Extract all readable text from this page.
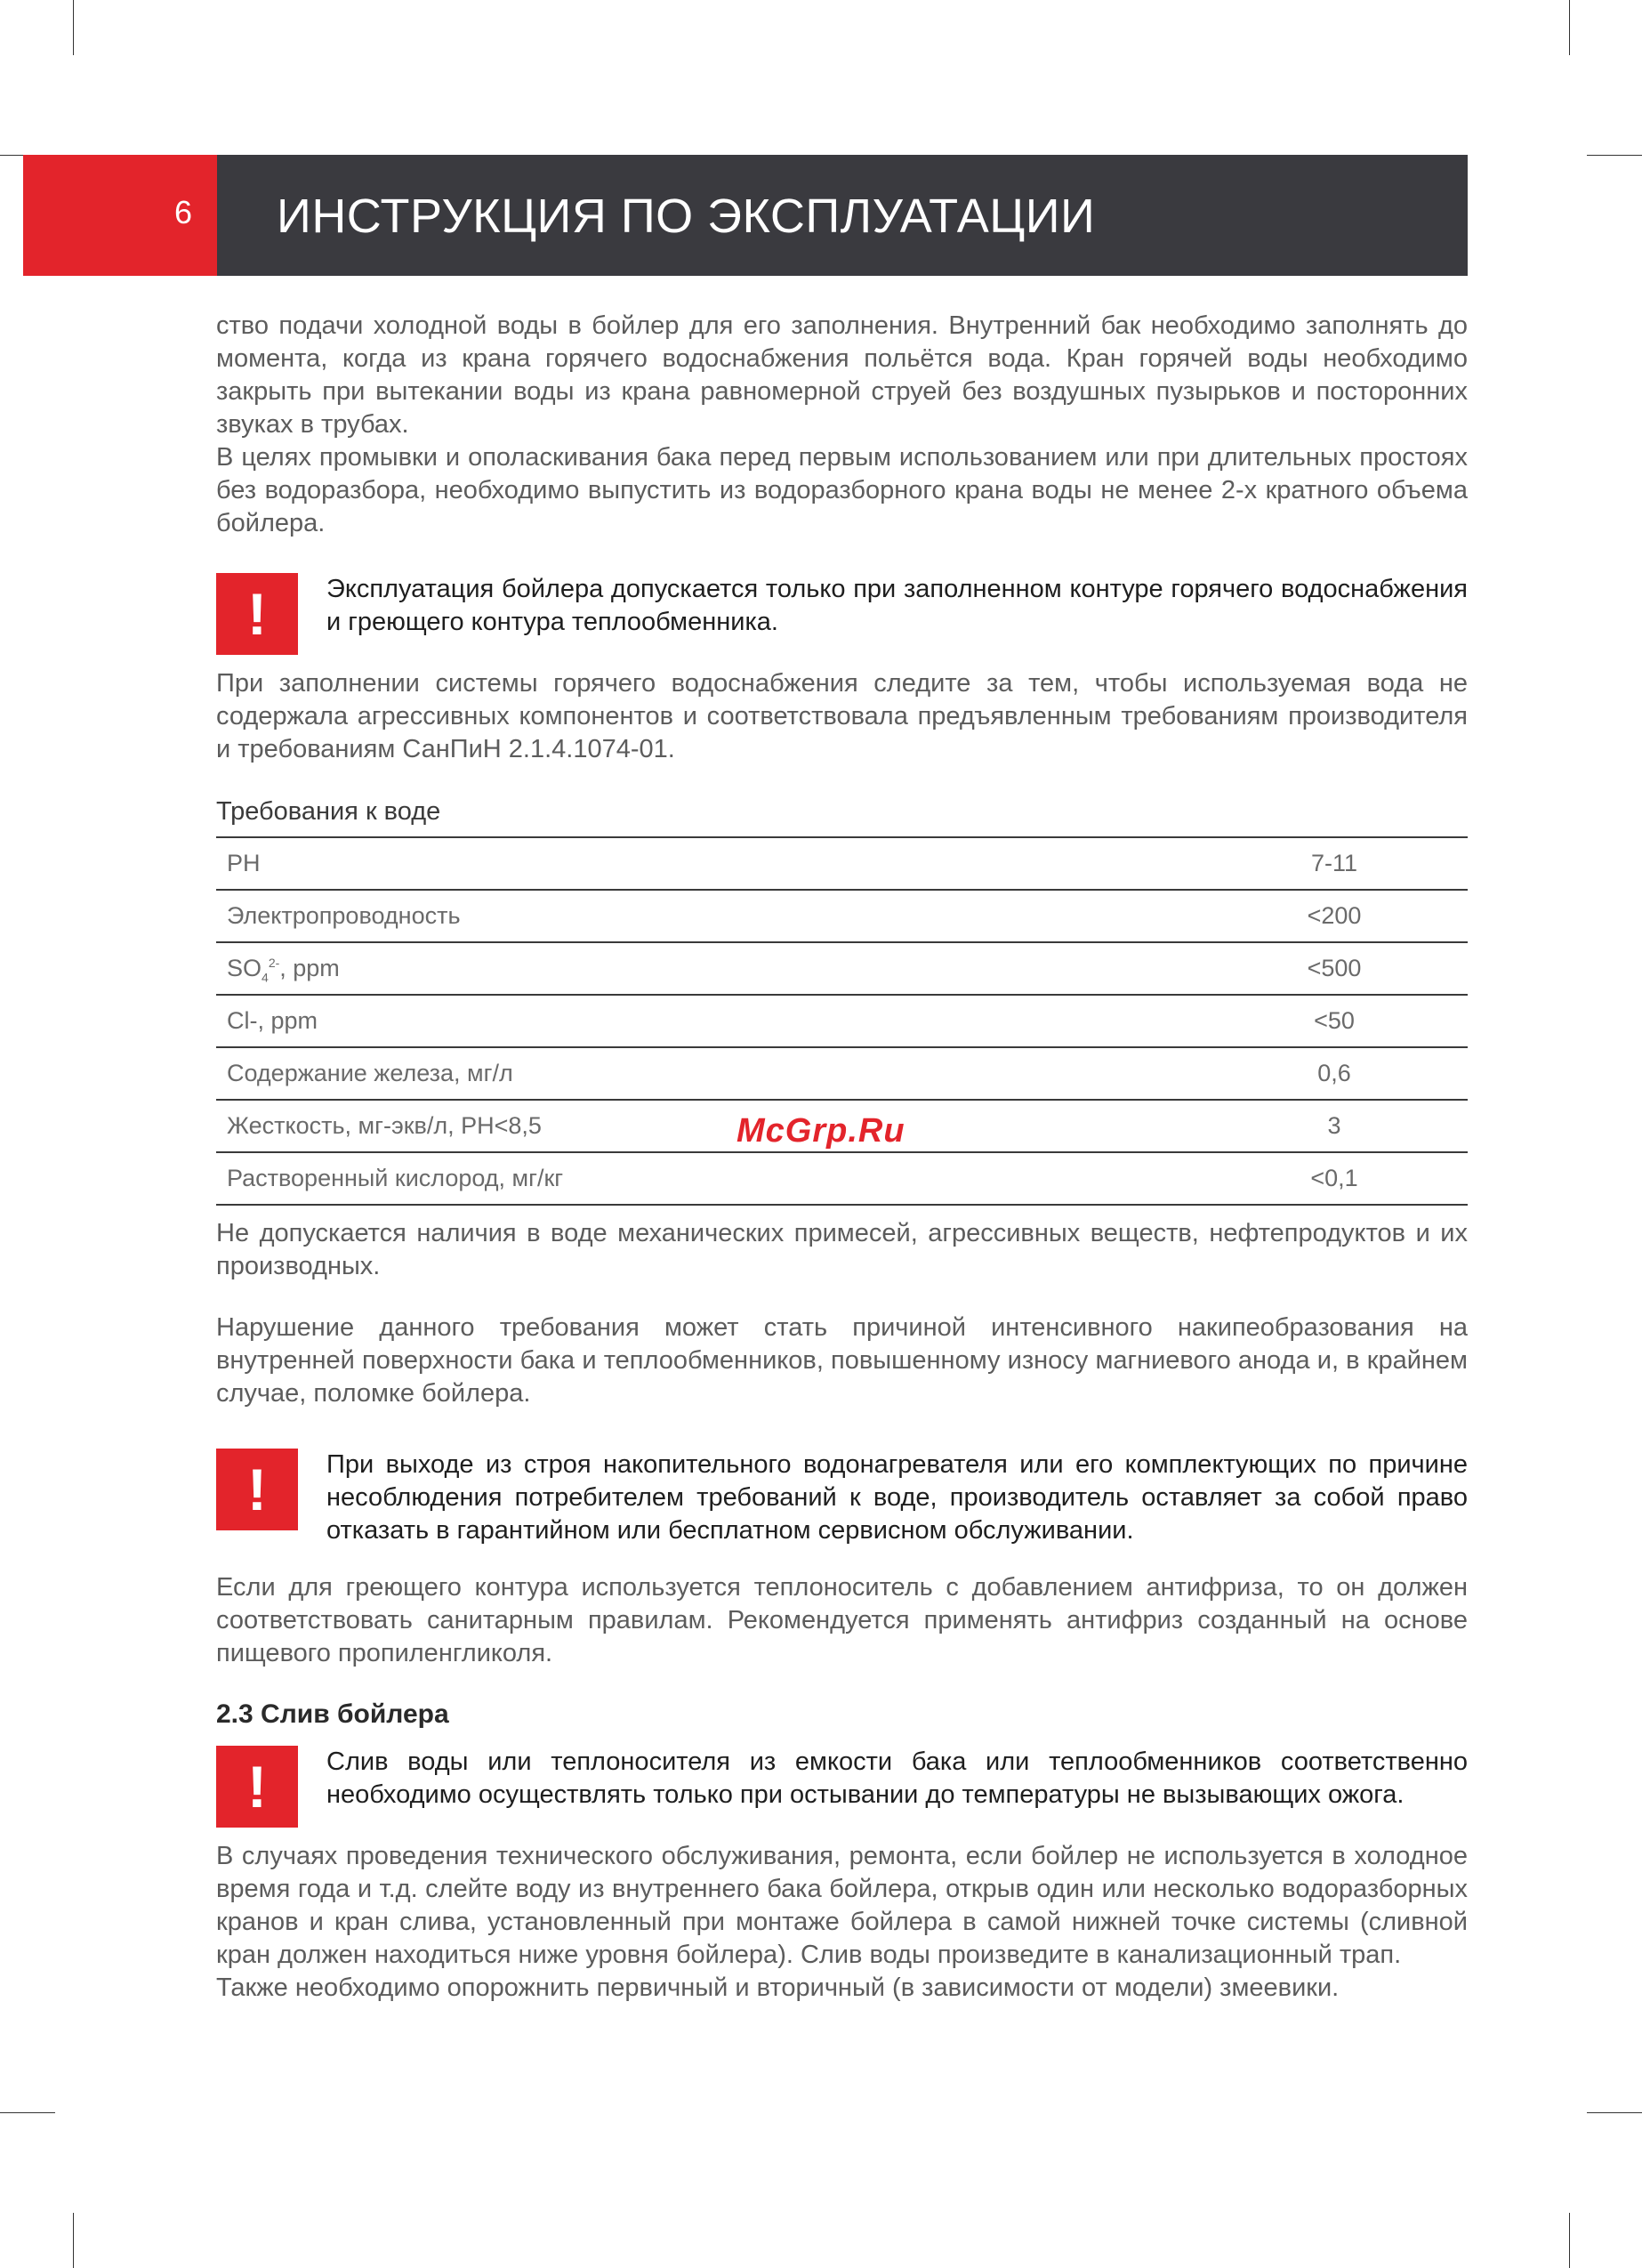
6 ИНСТРУКЦИЯ ПО ЭКСПЛУАТАЦИИ

ство подачи холодной воды в бойлер для его заполнения. Внутренний бак необходимо заполнять до момента, когда из крана горячего водоснабжения польётся вода. Кран горячей воды необходимо закрыть при вытекании воды из крана равномерной струей без воздушных пузырьков и посторонних звуках в трубах.

В целях промывки и ополаскивания бака перед первым использованием или при длительных простоях без водоразбора, необходимо выпустить из водоразборного крана воды не менее 2-х кратного объема бойлера.

!	Эксплуатация бойлера допускается только при заполненном контуре горячего водоснабжения и греющего контура теплообменника.

При заполнении системы горячего водоснабжения следите за тем, чтобы используемая вода не содержала агрессивных компонентов и соответствовала предъявленным требованиям производителя и требованиям СанПиН 2.1.4.1074-01.

Требования к воде
PH	7-11
Электропроводность	<200
$SO_4^{2-}$, ppm	<500
Cl-, ppm	<50
Содержание железа, мг/л	0,6
Жесткость, мг-экв/л, РН<8,5	3
Растворенный кислород, мг/кг	<0,1
McGrp.Ru

Не допускается наличия в воде механических примесей, агрессивных веществ, нефтепродуктов и их производных.

Нарушение данного требования может стать причиной интенсивного накипеобразования на внутренней поверхности бака и теплообменников, повышенному износу магниевого анода и, в крайнем случае, поломке бойлера.

!	При выходе из строя накопительного водонагревателя или его комплектующих по причине несоблюдения потребителем требований к воде, производитель оставляет за собой право отказать в гарантийном или бесплатном сервисном обслуживании.

Если для греющего контура используется теплоноситель с добавлением антифриза, то он должен соответствовать санитарным правилам. Рекомендуется применять антифриз созданный на основе пищевого пропиленгликоля.

2.3 Слив бойлера
!	Слив воды или теплоносителя из емкости бака или теплообменников соответственно необходимо осуществлять только при остывании до температуры не вызывающих ожога.

В случаях проведения технического обслуживания, ремонта, если бойлер не используется в холодное время года и т.д. слейте воду из внутреннего бака бойлера, открыв один или несколько водоразборных кранов и кран слива, установленный при монтаже бойлера в самой нижней точке системы (сливной кран должен находиться ниже уровня бойлера). Слив воды произведите в канализационный трап.

Также необходимо опорожнить первичный и вторичный (в зависимости от модели) змеевики.
